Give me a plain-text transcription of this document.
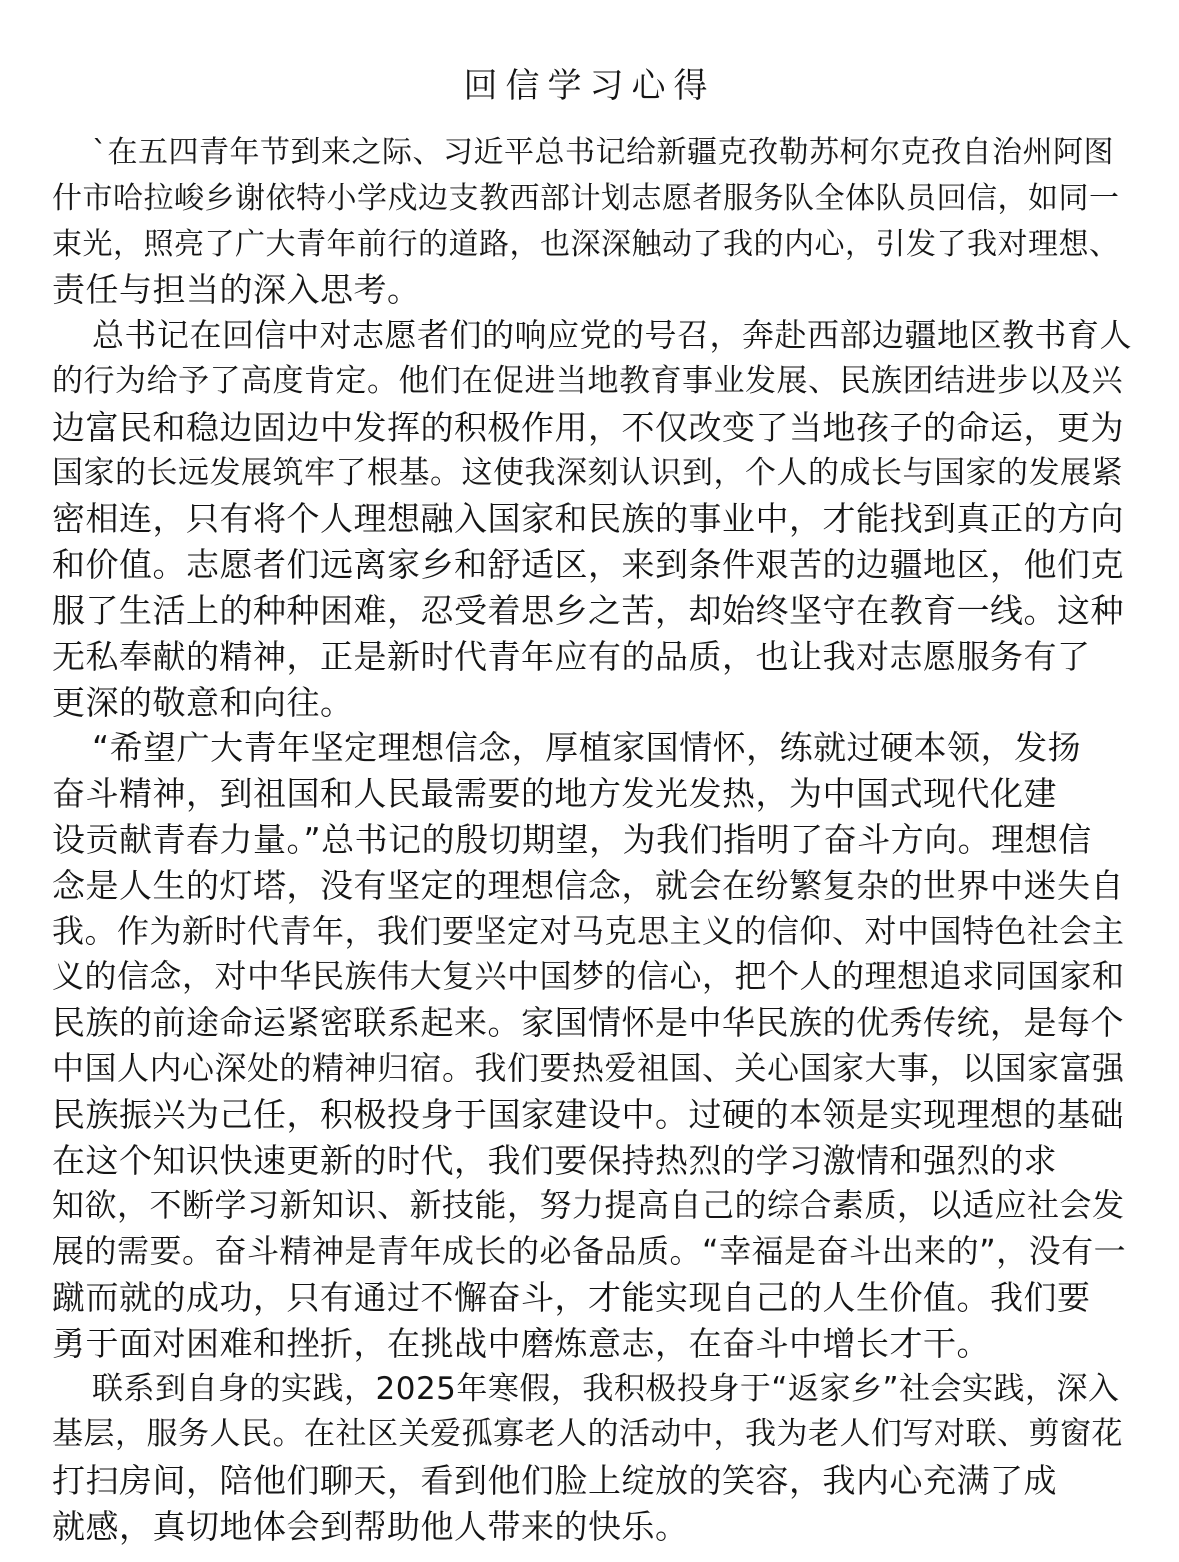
回信学习心得
`在五四青年节到来之际、习近平总书记给新疆克孜勒苏柯尔克孜自治州阿图
什市哈拉峻乡谢依特小学戍边支教西部计划志愿者服务队全体队员回信，如同一
束光，照亮了广大青年前行的道路，也深深触动了我的内心，引发了我对理想、
责任与担当的深入思考。
总书记在回信中对志愿者们的响应党的号召，奔赴西部边疆地区教书育人
的行为给予了高度肯定。他们在促进当地教育事业发展、民族团结进步以及兴
边富民和稳边固边中发挥的积极作用，不仅改变了当地孩子的命运，更为
国家的长远发展筑牢了根基。这使我深刻认识到，个人的成长与国家的发展紧
密相连，只有将个人理想融入国家和民族的事业中，才能找到真正的方向
和价值。志愿者们远离家乡和舒适区，来到条件艰苦的边疆地区，他们克
服了生活上的种种困难，忍受着思乡之苦，却始终坚守在教育一线。这种
无私奉献的精神，正是新时代青年应有的品质，也让我对志愿服务有了
更深的敬意和向往。
“希望广大青年坚定理想信念，厚植家国情怀，练就过硬本领，发扬
奋斗精神，到祖国和人民最需要的地方发光发热，为中国式现代化建
设贡献青春力量。”总书记的殷切期望，为我们指明了奋斗方向。理想信
念是人生的灯塔，没有坚定的理想信念，就会在纷繁复杂的世界中迷失自
我。作为新时代青年，我们要坚定对马克思主义的信仰、对中国特色社会主
义的信念，对中华民族伟大复兴中国梦的信心，把个人的理想追求同国家和
民族的前途命运紧密联系起来。家国情怀是中华民族的优秀传统，是每个
中国人内心深处的精神归宿。我们要热爱祖国、关心国家大事，以国家富强
民族振兴为己任，积极投身于国家建设中。过硬的本领是实现理想的基础
在这个知识快速更新的时代，我们要保持热烈的学习激情和强烈的求
知欲，不断学习新知识、新技能，努力提高自己的综合素质，以适应社会发
展的需要。奋斗精神是青年成长的必备品质。“幸福是奋斗出来的”，没有一
蹴而就的成功，只有通过不懈奋斗，才能实现自己的人生价值。我们要
勇于面对困难和挫折，在挑战中磨炼意志，在奋斗中增长才干。
联系到自身的实践，2025年寒假，我积极投身于“返家乡”社会实践，深入
基层，服务人民。在社区关爱孤寡老人的活动中，我为老人们写对联、剪窗花
打扫房间，陪他们聊天，看到他们脸上绽放的笑容，我内心充满了成
就感，真切地体会到帮助他人带来的快乐。
